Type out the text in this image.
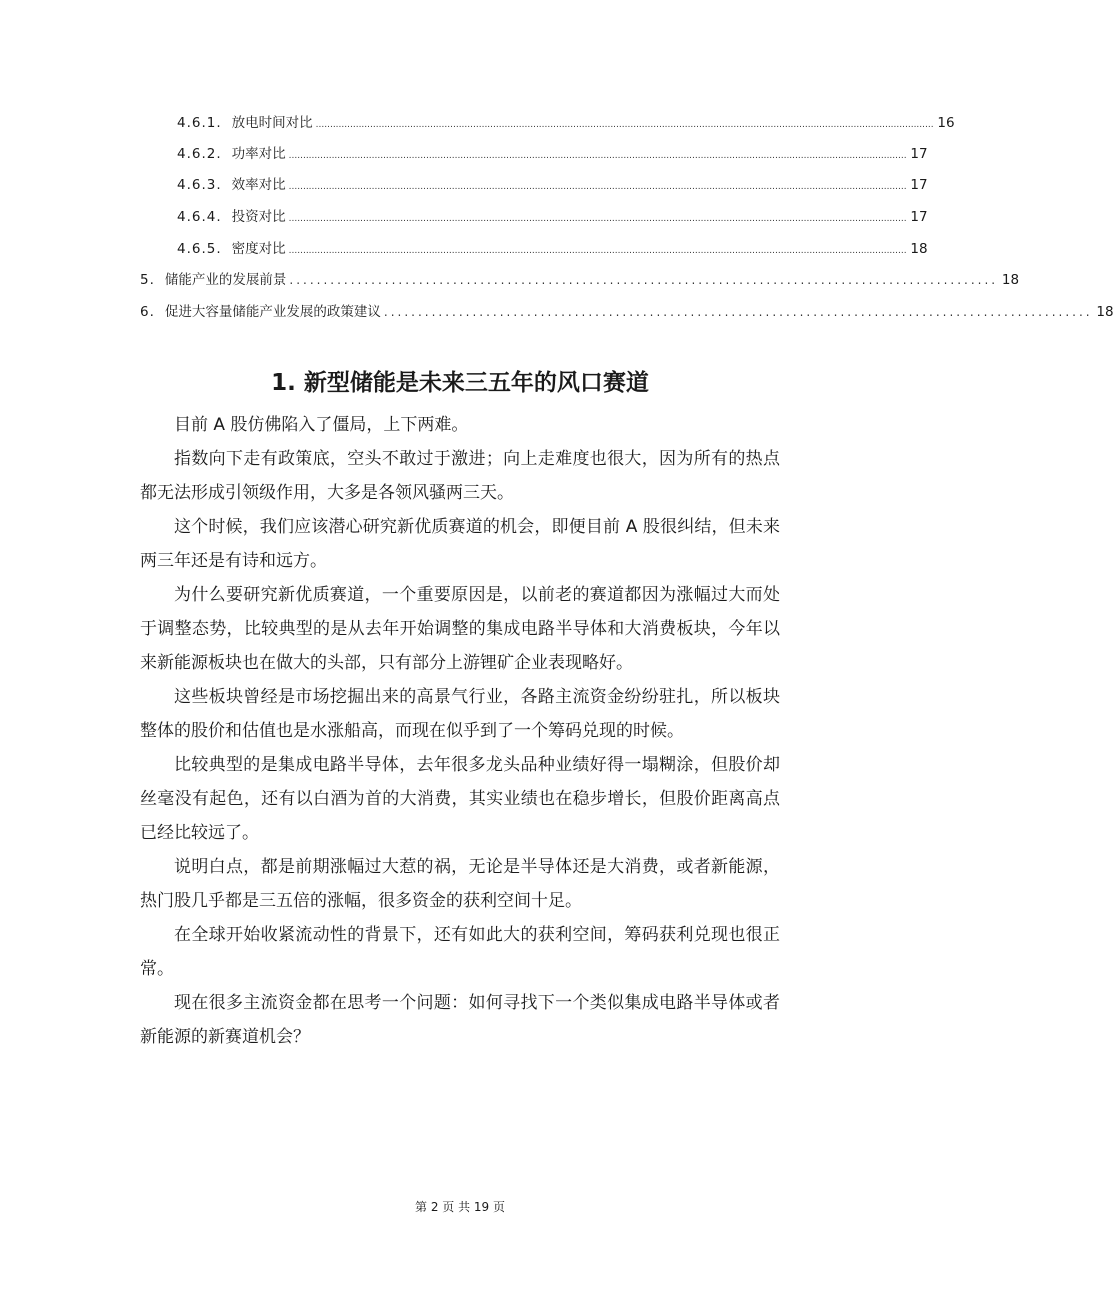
4.6.1. 放电时间对比 ........................................................................................................................................................................................................................ 16
4.6.2. 功率对比 ........................................................................................................................................................................................................................ 17
4.6.3. 效率对比 ........................................................................................................................................................................................................................ 17
4.6.4. 投资对比 ........................................................................................................................................................................................................................ 17
4.6.5. 密度对比 ........................................................................................................................................................................................................................ 18
5. 储能产业的发展前景 ........................................................................................................ 18
6. 促进大容量储能产业发展的政策建议 ........................................................................................................ 18
1. 新型储能是未来三五年的风口赛道

目前 A 股仿佛陷入了僵局，上下两难。

指数向下走有政策底，空头不敢过于激进；向上走难度也很大，因为所有的热点都无法形成引领级作用，大多是各领风骚两三天。

这个时候，我们应该潜心研究新优质赛道的机会，即便目前 A 股很纠结，但未来两三年还是有诗和远方。

为什么要研究新优质赛道，一个重要原因是，以前老的赛道都因为涨幅过大而处于调整态势，比较典型的是从去年开始调整的集成电路半导体和大消费板块，今年以来新能源板块也在做大的头部，只有部分上游锂矿企业表现略好。

这些板块曾经是市场挖掘出来的高景气行业，各路主流资金纷纷驻扎，所以板块整体的股价和估值也是水涨船高，而现在似乎到了一个筹码兑现的时候。

比较典型的是集成电路半导体，去年很多龙头品种业绩好得一塌糊涂，但股价却丝毫没有起色，还有以白酒为首的大消费，其实业绩也在稳步增长，但股价距离高点已经比较远了。

说明白点，都是前期涨幅过大惹的祸，无论是半导体还是大消费，或者新能源，热门股几乎都是三五倍的涨幅，很多资金的获利空间十足。

在全球开始收紧流动性的背景下，还有如此大的获利空间，筹码获利兑现也很正常。

现在很多主流资金都在思考一个问题：如何寻找下一个类似集成电路半导体或者新能源的新赛道机会？

第 2 页 共 19 页
